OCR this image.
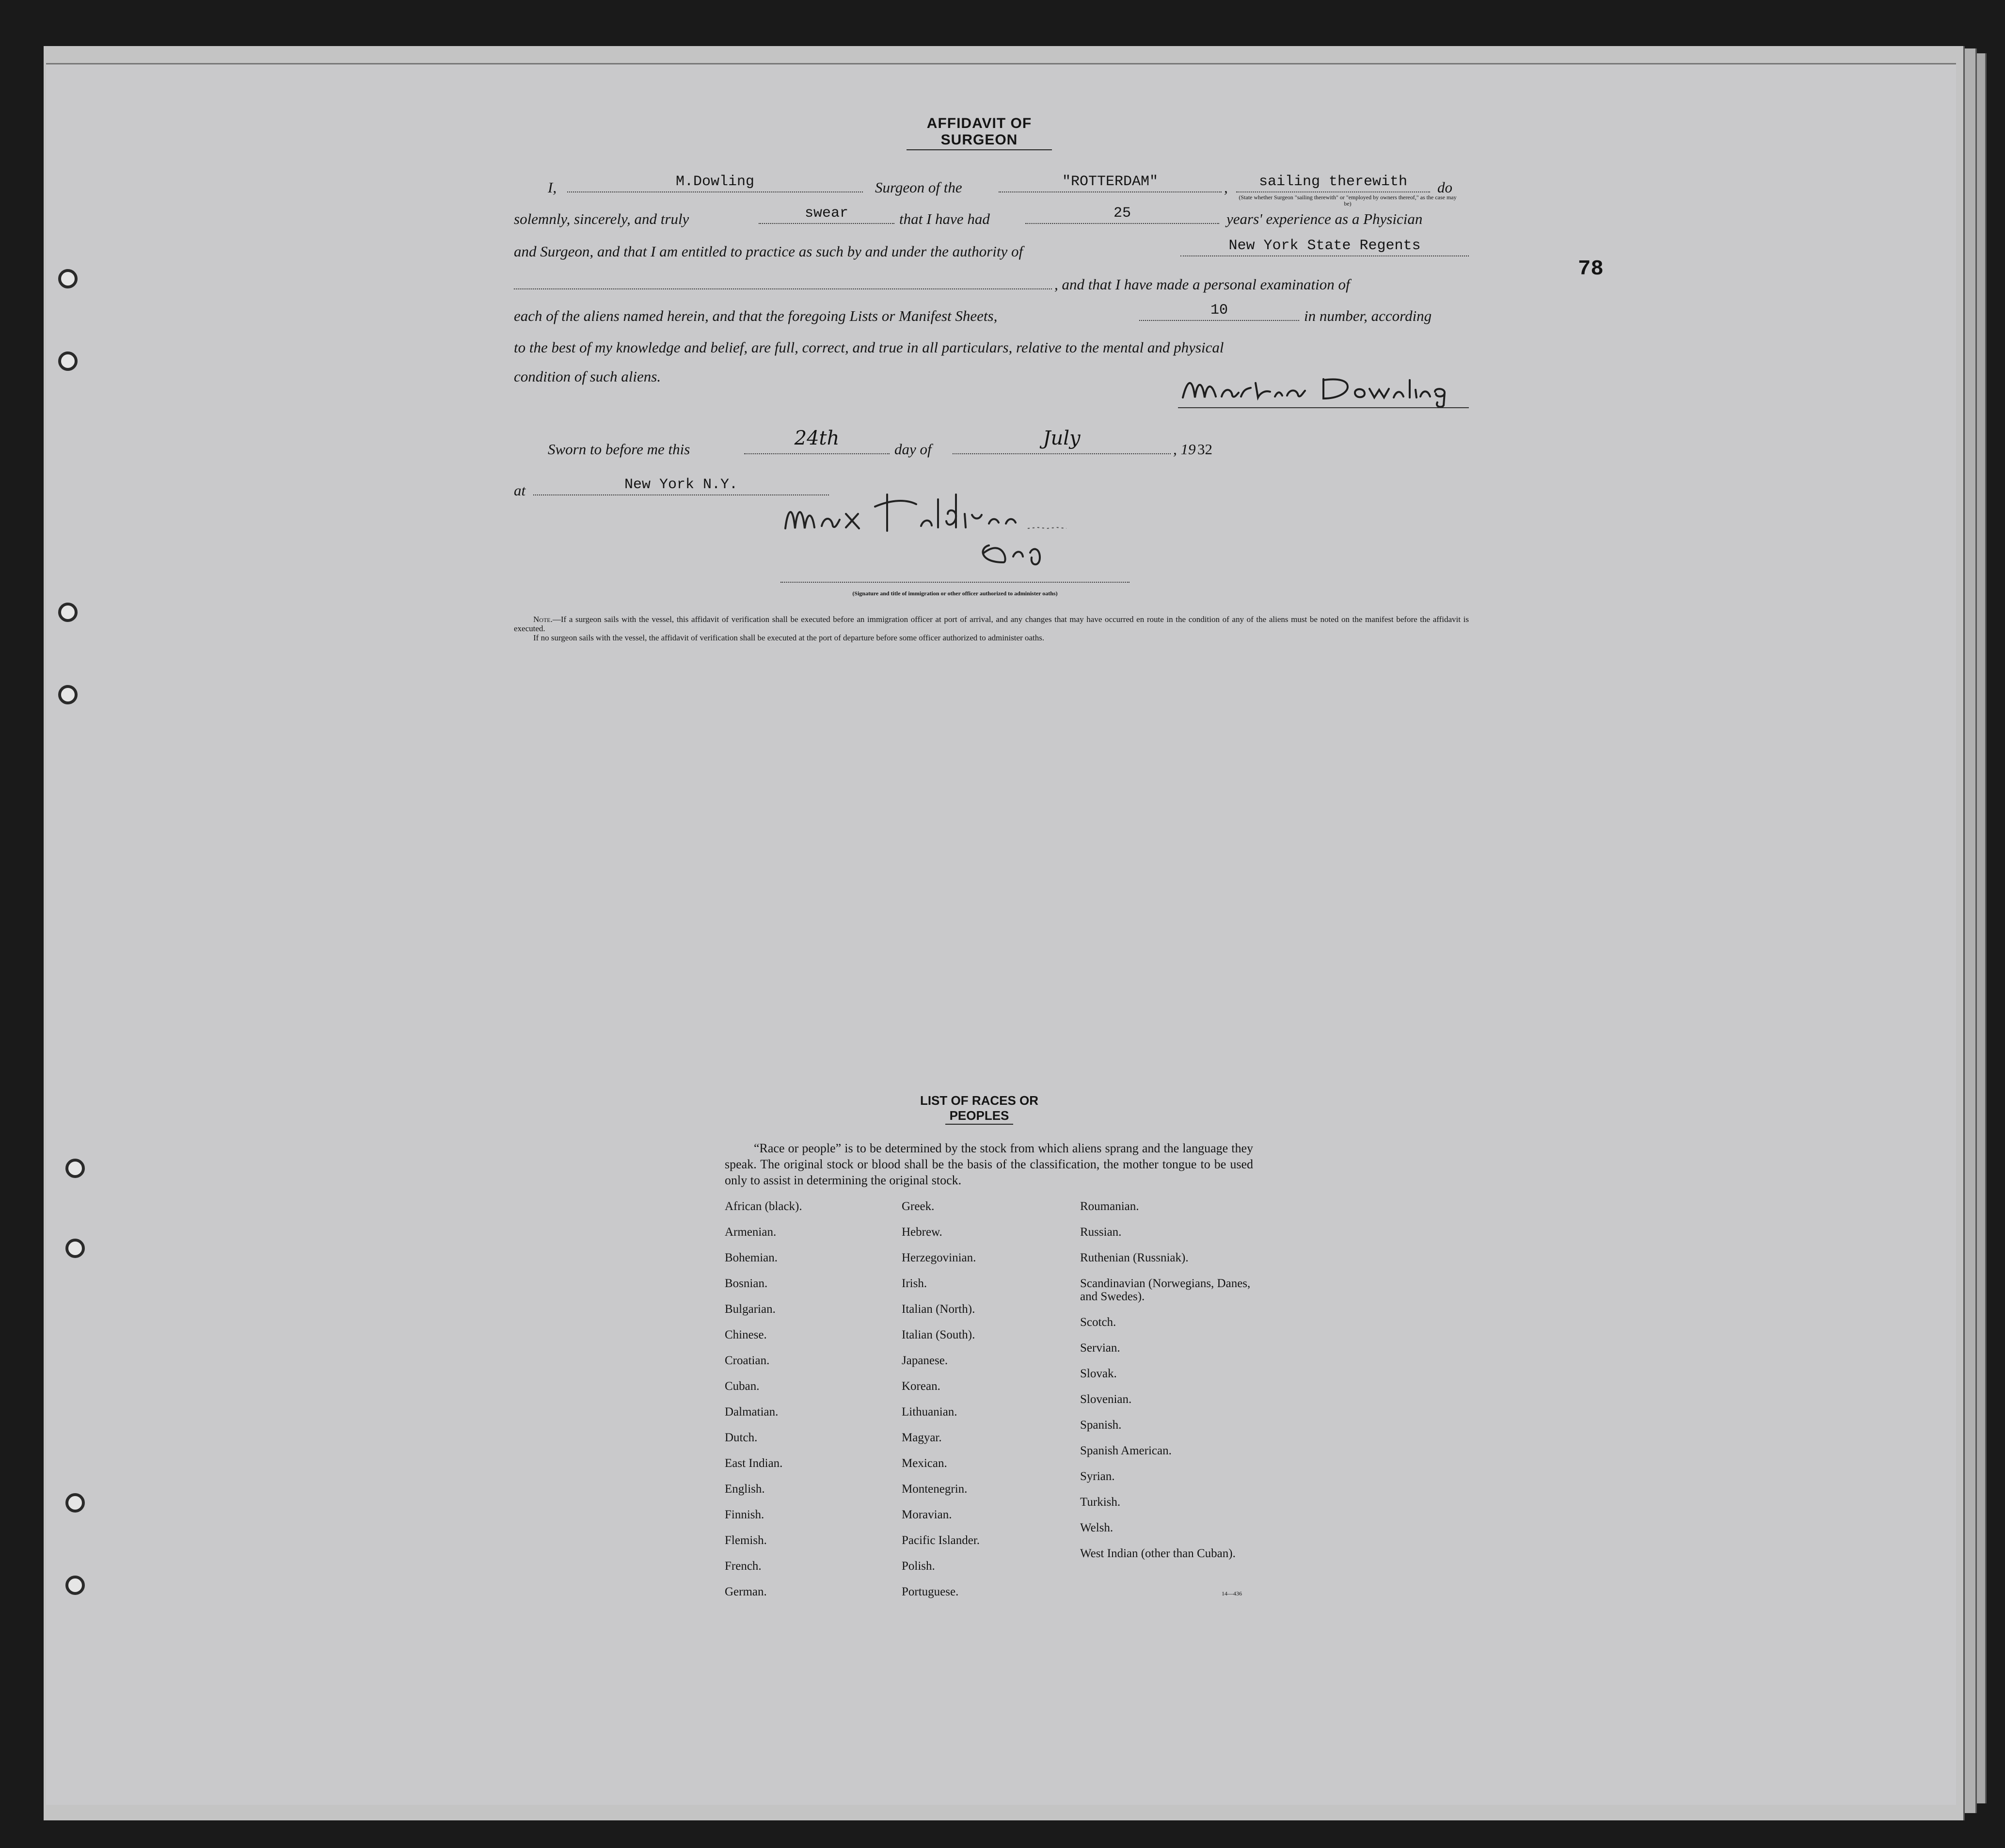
AFFIDAVIT OF SURGEON
78
I,	M.Dowling	Surgeon of the	"ROTTERDAM"	,	sailing therewith	do
(State whether Surgeon "sailing therewith" or "employed by owners thereof," as the case may be)
solemnly, sincerely, and truly	swear	that I have had	25	years' experience as a Physician
and Surgeon, and that I am entitled to practice as such by and under the authority of	New York State Regents
, and that I have made a personal examination of
each of the aliens named herein, and that the foregoing Lists or Manifest Sheets,	10	in number, according
to the best of my knowledge and belief, are full, correct, and true in all particulars, relative to the mental and physical
condition of such aliens.
Sworn to before me this	24th	day of	July	, 19 32
at	New York N.Y.
(Signature and title of immigration or other officer authorized to administer oaths)

Note.—If a surgeon sails with the vessel, this affidavit of verification shall be executed before an immigration officer at port of arrival, and any changes that may have occurred en route in the condition of any of the aliens must be noted on the manifest before the affidavit is executed.

If no surgeon sails with the vessel, the affidavit of verification shall be executed at the port of departure before some officer authorized to administer oaths.

LIST OF RACES OR PEOPLES
“Race or people” is to be determined by the stock from which aliens sprang and the language they speak. The original stock or blood shall be the basis of the classification, the mother tongue to be used only to assist in determining the original stock.
African (black).
Armenian.
Bohemian.
Bosnian.
Bulgarian.
Chinese.
Croatian.
Cuban.
Dalmatian.
Dutch.
East Indian.
English.
Finnish.
Flemish.
French.
German.
Greek.
Hebrew.
Herzegovinian.
Irish.
Italian (North).
Italian (South).
Japanese.
Korean.
Lithuanian.
Magyar.
Mexican.
Montenegrin.
Moravian.
Pacific Islander.
Polish.
Portuguese.
Roumanian.
Russian.
Ruthenian (Russniak).
Scandinavian (Norwegians, Danes, and Swedes).
Scotch.
Servian.
Slovak.
Slovenian.
Spanish.
Spanish American.
Syrian.
Turkish.
Welsh.
West Indian (other than Cuban).
14—436
